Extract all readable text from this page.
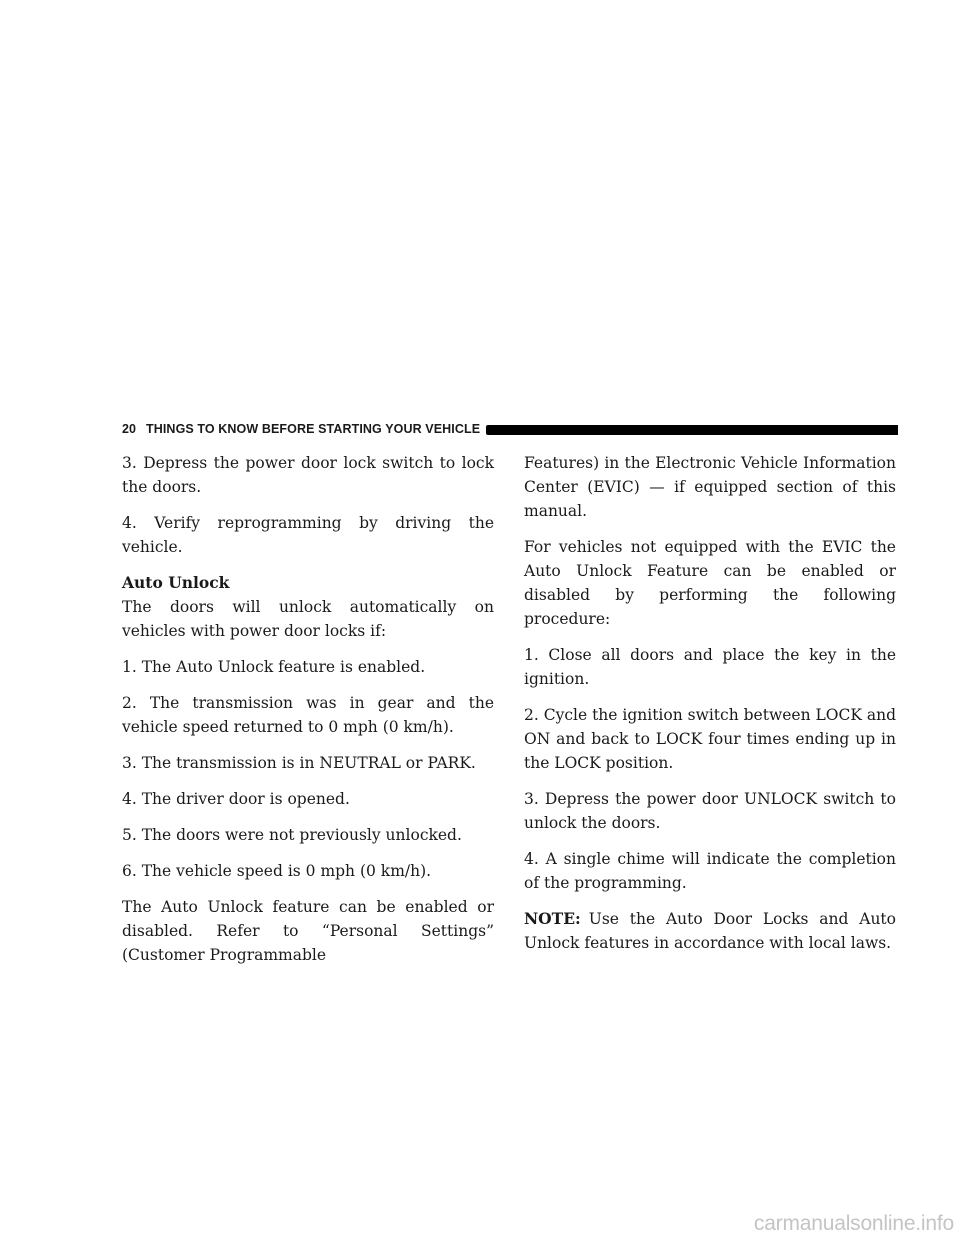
20 THINGS TO KNOW BEFORE STARTING YOUR VEHICLE

3. Depress the power door lock switch to lock the doors.

4. Verify reprogramming by driving the vehicle.

Auto Unlock

The doors will unlock automatically on vehicles with power door locks if:

1. The Auto Unlock feature is enabled.

2. The transmission was in gear and the vehicle speed returned to 0 mph (0 km/h).

3. The transmission is in NEUTRAL or PARK.

4. The driver door is opened.

5. The doors were not previously unlocked.

6. The vehicle speed is 0 mph (0 km/h).

The Auto Unlock feature can be enabled or disabled. Refer to “Personal Settings” (Customer Programmable

Features) in the Electronic Vehicle Information Center (EVIC) — if equipped section of this manual.

For vehicles not equipped with the EVIC the Auto Unlock Feature can be enabled or disabled by performing the following procedure:

1. Close all doors and place the key in the ignition.

2. Cycle the ignition switch between LOCK and ON and back to LOCK four times ending up in the LOCK position.

3. Depress the power door UNLOCK switch to unlock the doors.

4. A single chime will indicate the completion of the programming.

NOTE: Use the Auto Door Locks and Auto Unlock features in accordance with local laws.

carmanualsonline.info
